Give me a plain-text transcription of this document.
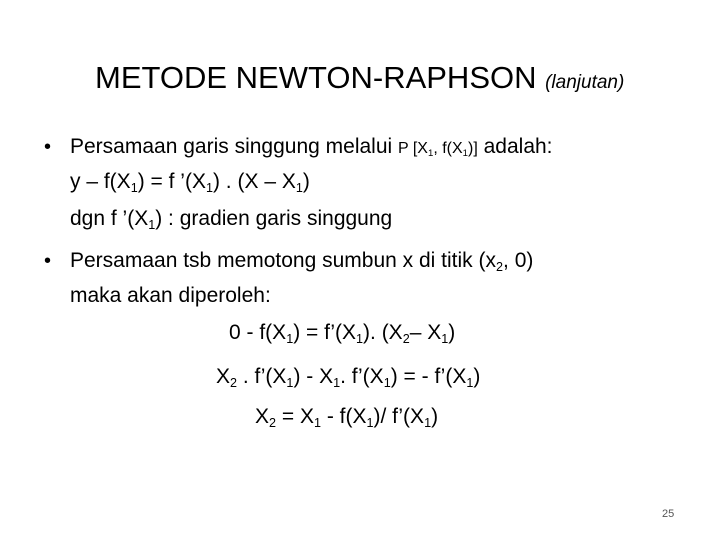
METODE NEWTON-RAPHSON (lanjutan)
• Persamaan garis singgung melalui P [$X_1$, $f(X_1)$] adalah:
$y - f(X_1) = f$ $’(X_1)$ . $(X - X_1)$
dgn f $’(X_1)$ : gradien garis singgung
• Persamaan tsb memotong sumbun x di titik ($x_2$, 0)
maka akan diperoleh:
$0 - f(X_1)$ = $f’(X_1)$. ($X_2-$ $X_1$)
$X_2$ . $f’(X_1) - X_1$. $f’(X_1)$ = - $f’(X_1)$
$X_2 = X_1 - f(X_1)/$ $f’(X_1)$
25
